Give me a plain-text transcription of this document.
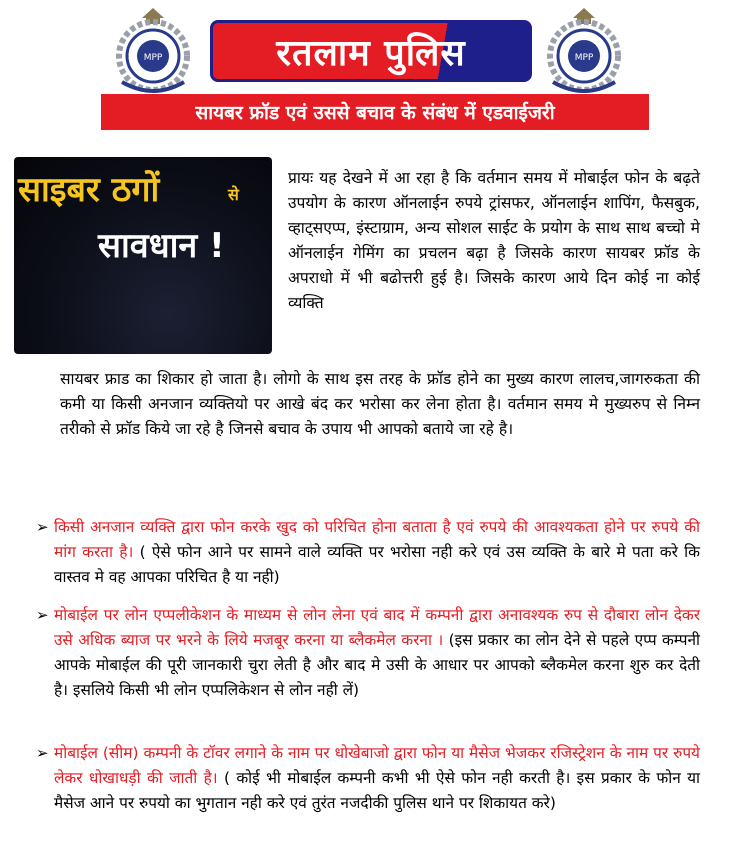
MPP	MPP
रतलाम पुलिस
सायबर फ्रॉड एवं उससे बचाव के संबंध में एडवाईजरी
साइबर ठगों	से
सावधान !
प्रायः यह देखने में आ रहा है कि वर्तमान समय में मोबाईल फोन के बढ़ते उपयोग के कारण ऑनलाईन रुपये ट्रांसफर, ऑनलाईन शापिंग, फैसबुक, व्हाट्सएप्प, इंस्टाग्राम, अन्य सोशल साईट के प्रयोग के साथ साथ बच्चो मे ऑनलाईन गेमिंग का प्रचलन बढ़ा है जिसके कारण सायबर फ्रॉड के अपराधो में भी बढोत्तरी हुई है। जिसके कारण आये दिन कोई ना कोई व्यक्ति
सायबर फ्राड का शिकार हो जाता है। लोगो के साथ इस तरह के फ्रॉड होने का मुख्य कारण लालच,जागरुकता की कमी या किसी अनजान व्यक्तियो पर आखे बंद कर भरोसा कर लेना होता है। वर्तमान समय मे मुख्यरुप से निम्न तरीको से फ्रॉड किये जा रहे है जिनसे बचाव के उपाय भी आपको बताये जा रहे है।
➢ किसी अनजान व्यक्ति द्वारा फोन करके खुद को परिचित होना बताता है एवं रुपये की आवश्यकता होने पर रुपये की मांग करता है। ( ऐसे फोन आने पर सामने वाले व्यक्ति पर भरोसा नही करे एवं उस व्यक्ति के बारे मे पता करे कि वास्तव मे वह आपका परिचित है या नही)
➢ मोबाईल पर लोन एप्पलीकेशन के माध्यम से लोन लेना एवं बाद में कम्पनी द्वारा अनावश्यक रुप से दौबारा लोन देकर उसे अधिक ब्याज पर भरने के लिये मजबूर करना या ब्लैकमेल करना । (इस प्रकार का लोन देने से पहले एप्प कम्पनी आपके मोबाईल की पूरी जानकारी चुरा लेती है और बाद मे उसी के आधार पर आपको ब्लैकमेल करना शुरु कर देती है। इसलिये किसी भी लोन एप्पलिकेशन से लोन नही लें)
➢ मोबाईल (सीम) कम्पनी के टॉवर लगाने के नाम पर धोखेबाजो द्वारा फोन या मैसेज भेजकर रजिस्ट्रेशन के नाम पर रुपये लेकर धोखाधड़ी की जाती है। ( कोई भी मोबाईल कम्पनी कभी भी ऐसे फोन नही करती है। इस प्रकार के फोन या मैसेज आने पर रुपयो का भुगतान नही करे एवं तुरंत नजदीकी पुलिस थाने पर शिकायत करे)
